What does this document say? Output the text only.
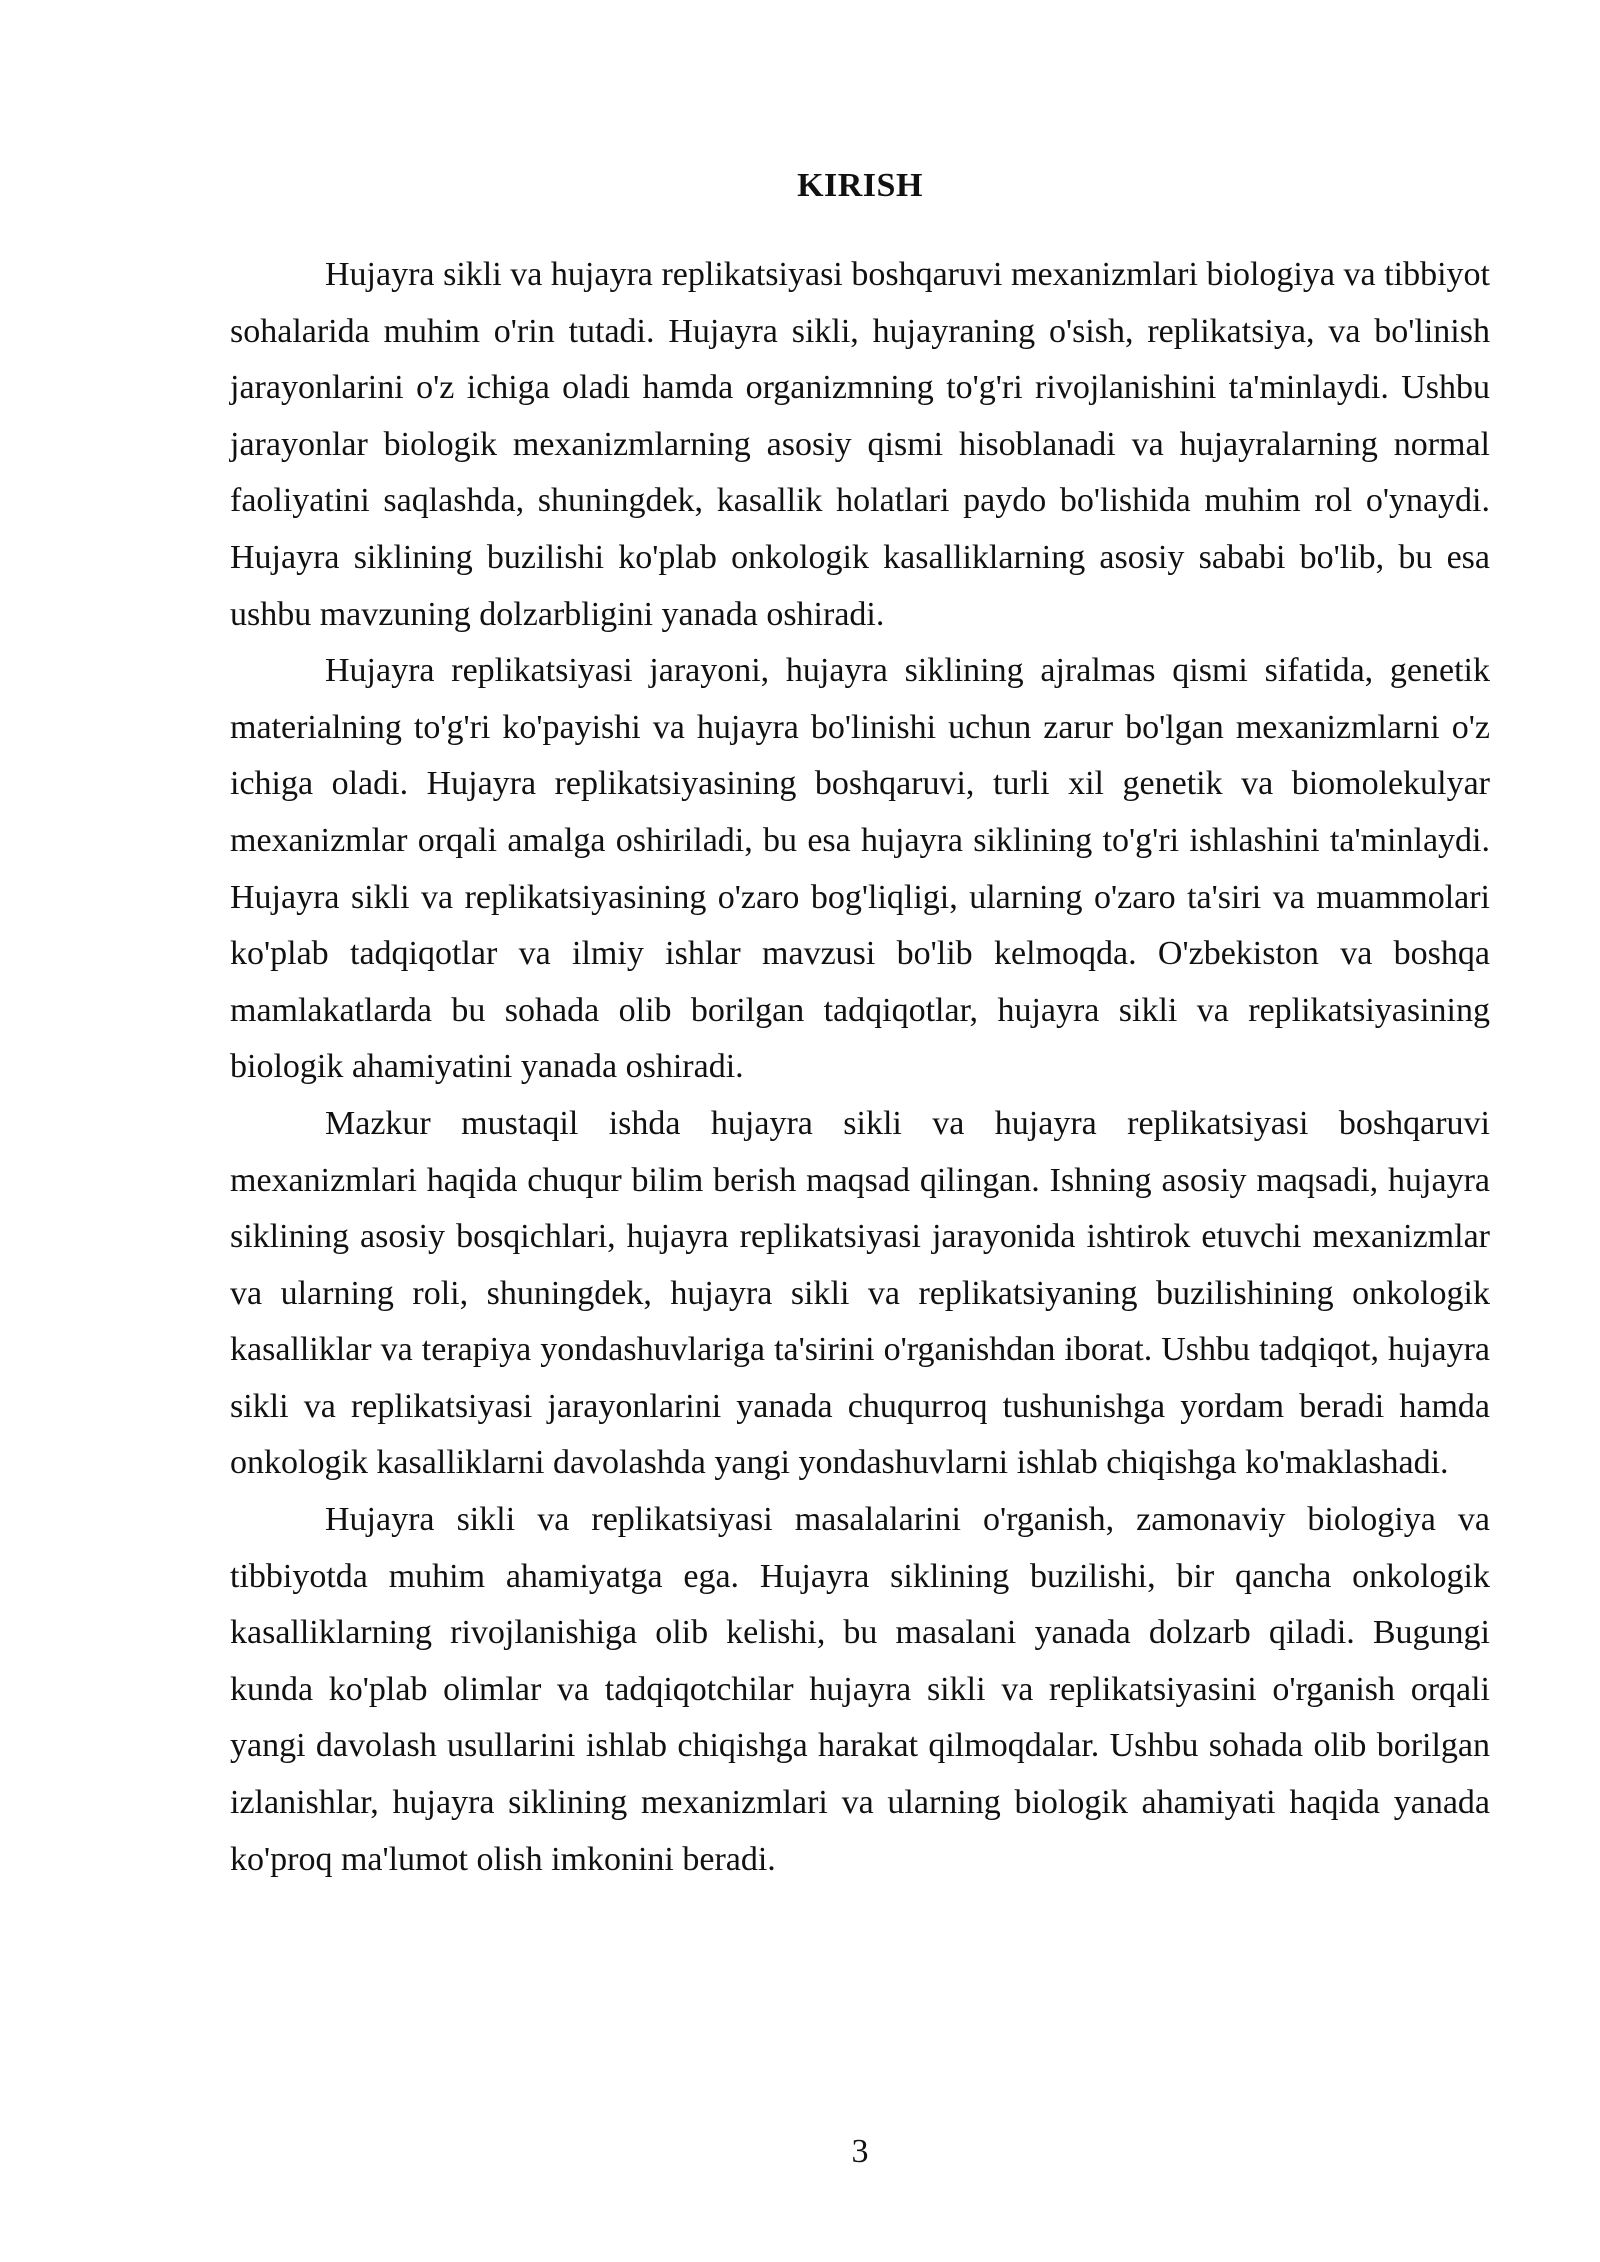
KIRISH

Hujayra sikli va hujayra replikatsiyasi boshqaruvi mexanizmlari biologiya va tibbiyot sohalarida muhim o'rin tutadi. Hujayra sikli, hujayraning o'sish, replikatsiya, va bo'linish jarayonlarini o'z ichiga oladi hamda organizmning to'g'ri rivojlanishini ta'minlaydi. Ushbu jarayonlar biologik mexanizmlarning asosiy qismi hisoblanadi va hujayralarning normal faoliyatini saqlashda, shuningdek, kasallik holatlari paydo bo'lishida muhim rol o'ynaydi. Hujayra siklining buzilishi ko'plab onkologik kasalliklarning asosiy sababi bo'lib, bu esa ushbu mavzuning dolzarbligini yanada oshiradi.

Hujayra replikatsiyasi jarayoni, hujayra siklining ajralmas qismi sifatida, genetik materialning to'g'ri ko'payishi va hujayra bo'linishi uchun zarur bo'lgan mexanizmlarni o'z ichiga oladi. Hujayra replikatsiyasining boshqaruvi, turli xil genetik va biomolekulyar mexanizmlar orqali amalga oshiriladi, bu esa hujayra siklining to'g'ri ishlashini ta'minlaydi. Hujayra sikli va replikatsiyasining o'zaro bog'liqligi, ularning o'zaro ta'siri va muammolari ko'plab tadqiqotlar va ilmiy ishlar mavzusi bo'lib kelmoqda. O'zbekiston va boshqa mamlakatlarda bu sohada olib borilgan tadqiqotlar, hujayra sikli va replikatsiyasining biologik ahamiyatini yanada oshiradi.

Mazkur mustaqil ishda hujayra sikli va hujayra replikatsiyasi boshqaruvi mexanizmlari haqida chuqur bilim berish maqsad qilingan. Ishning asosiy maqsadi, hujayra siklining asosiy bosqichlari, hujayra replikatsiyasi jarayonida ishtirok etuvchi mexanizmlar va ularning roli, shuningdek, hujayra sikli va replikatsiyaning buzilishining onkologik kasalliklar va terapiya yondashuvlariga ta'sirini o'rganishdan iborat. Ushbu tadqiqot, hujayra sikli va replikatsiyasi jarayonlarini yanada chuqurroq tushunishga yordam beradi hamda onkologik kasalliklarni davolashda yangi yondashuvlarni ishlab chiqishga ko'maklashadi.

Hujayra sikli va replikatsiyasi masalalarini o'rganish, zamonaviy biologiya va tibbiyotda muhim ahamiyatga ega. Hujayra siklining buzilishi, bir qancha onkologik kasalliklarning rivojlanishiga olib kelishi, bu masalani yanada dolzarb qiladi. Bugungi kunda ko'plab olimlar va tadqiqotchilar hujayra sikli va replikatsiyasini o'rganish orqali yangi davolash usullarini ishlab chiqishga harakat qilmoqdalar. Ushbu sohada olib borilgan izlanishlar, hujayra siklining mexanizmlari va ularning biologik ahamiyati haqida yanada ko'proq ma'lumot olish imkonini beradi.

3
